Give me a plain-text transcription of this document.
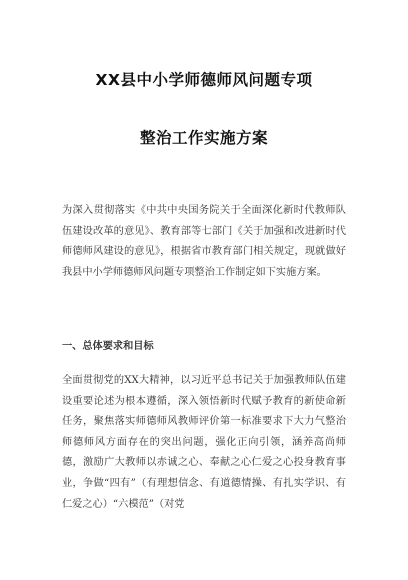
XX县中小学师德师风问题专项
整治工作实施方案

为深入贯彻落实《中共中央国务院关于全面深化新时代教师队伍建设改革的意见》、教育部等七部门《关于加强和改进新时代师德师风建设的意见》，根据省市教育部门相关规定，现就做好我县中小学师德师风问题专项整治工作制定如下实施方案。

一、总体要求和目标

全面贯彻党的XX大精神，以习近平总书记关于加强教师队伍建设重要论述为根本遵循，深入领悟新时代赋予教育的新使命新任务，聚焦落实师德师风教师评价第一标准要求下大力气整治师德师风方面存在的突出问题，强化正向引领，涵养高尚师德，激励广大教师以赤诚之心、奉献之心仁爱之心投身教育事业，争做“四有”（有理想信念、有道德情操、有扎实学识、有仁爱之心）“六模范”（对党
